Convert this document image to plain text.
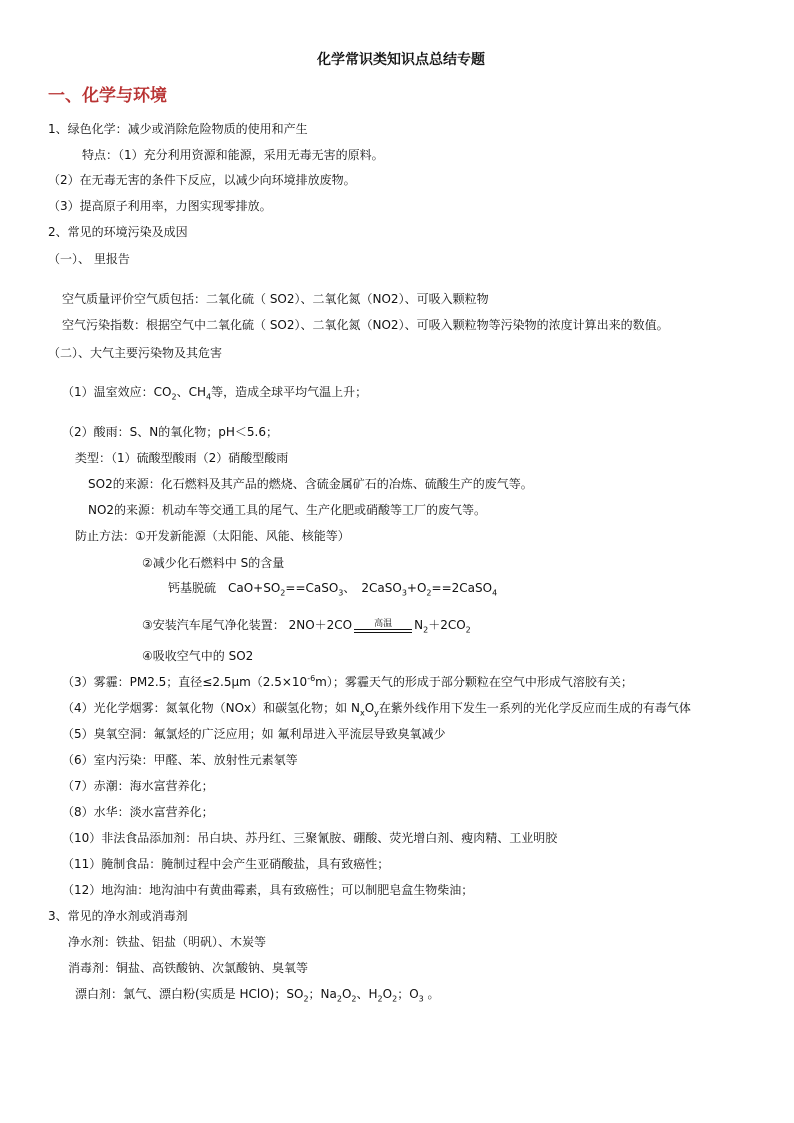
化学常识类知识点总结专题
一、化学与环境
1、绿色化学：减少或消除危险物质的使用和产生
特点：（1）充分利用资源和能源，采用无毒无害的原料。
（2）在无毒无害的条件下反应，以减少向环境排放废物。
（3）提高原子利用率，力图实现零排放。
2、常见的环境污染及成因
（一）、 里报告
空气质量评价空气质包括：二氧化硫（ SO2）、二氧化氮（NO2）、可吸入颗粒物
空气污染指数：根据空气中二氧化硫（ SO2）、二氧化氮（NO2）、可吸入颗粒物等污染物的浓度计算出来的数值。
（二）、大气主要污染物及其危害
（1）温室效应：$CO_2$、$CH_4$等，造成全球平均气温上升；
（2）酸雨：S、N的氧化物；pH＜5.6；
类型：（1）硫酸型酸雨（2）硝酸型酸雨
SO2的来源：化石燃料及其产品的燃烧、含硫金属矿石的冶炼、硫酸生产的废气等。
NO2的来源：机动车等交通工具的尾气、生产化肥或硝酸等工厂的废气等。
防止方法：①开发新能源（太阳能、风能、核能等）
②减少化石燃料中 S的含量
钙基脱硫　$CaO+SO_2==CaSO_3$、　$2CaSO_3+O_2==2CaSO_4$
③安装汽车尾气净化装置： 2NO＋2CO	高温	$N_2+2CO_2$
④吸收空气中的 SO2
（3）雾霾：PM2.5；直径$\le 2.5\mu m(2.5\times 10^{-6}m)$；雾霾天气的形成于部分颗粒在空气中形成气溶胶有关；
（4）光化学烟雾：氮氧化物（NOx）和碳氢化物；如 $N_xO_y$在紫外线作用下发生一系列的光化学反应而生成的有毒气体
（5）臭氧空洞：氟氯烃的广泛应用；如 氟利昂进入平流层导致臭氧减少
（6）室内污染：甲醛、苯、放射性元素氡等
（7）赤潮：海水富营养化；
（8）水华：淡水富营养化；
（10）非法食品添加剂：吊白块、苏丹红、三聚氰胺、硼酸、荧光增白剂、瘦肉精、工业明胶
（11）腌制食品：腌制过程中会产生亚硝酸盐，具有致癌性；
（12）地沟油：地沟油中有黄曲霉素，具有致癌性；可以制肥皂盒生物柴油；
3、常见的净水剂或消毒剂
净水剂：铁盐、铝盐（明矾）、木炭等
消毒剂：铜盐、高铁酸钠、次氯酸钠、臭氧等
漂白剂：氯气、漂白粉(实质是 HClO)；$SO_2$；$Na_2O_2$、$H_2O_2$；$O_3$ 。
